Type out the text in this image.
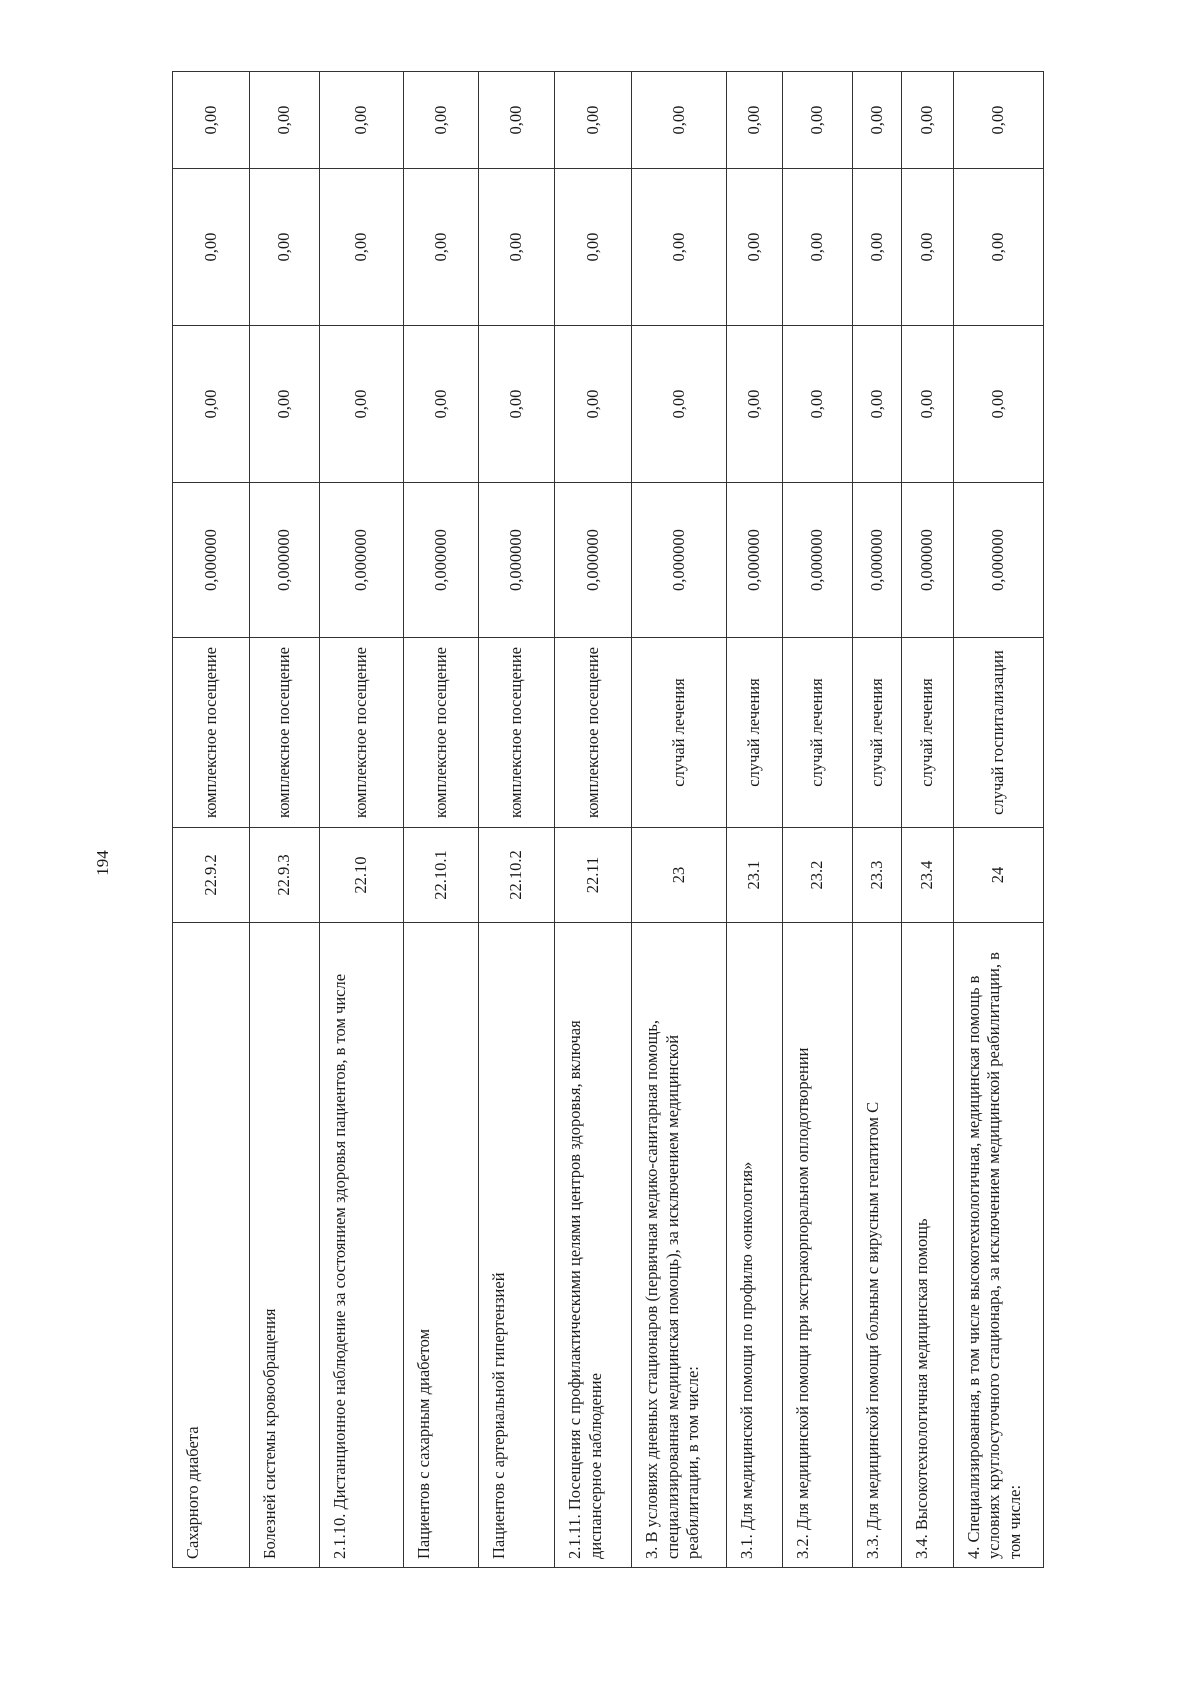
194
Сахарного диабета	22.9.2	комплексное посещение	0,000000	0,00	0,00	0,00
Болезней системы кровообращения	22.9.3	комплексное посещение	0,000000	0,00	0,00	0,00
2.1.10. Дистанционное наблюдение за состоянием здоровья пациентов, в том числе	22.10	комплексное посещение	0,000000	0,00	0,00	0,00
Пациентов с сахарным диабетом	22.10.1	комплексное посещение	0,000000	0,00	0,00	0,00
Пациентов с артериальной гипертензией	22.10.2	комплексное посещение	0,000000	0,00	0,00	0,00
2.1.11. Посещения с профилактическими целями центров здоровья, включая диспансерное наблюдение	22.11	комплексное посещение	0,000000	0,00	0,00	0,00
3. В условиях дневных стационаров (первичная медико-санитарная помощь, специализированная медицинская помощь), за исключением медицинской реабилитации, в том числе:	23	случай лечения	0,000000	0,00	0,00	0,00
3.1. Для медицинской помощи по профилю «онкология»	23.1	случай лечения	0,000000	0,00	0,00	0,00
3.2. Для медицинской помощи при экстракорпоральном оплодотворении	23.2	случай лечения	0,000000	0,00	0,00	0,00
3.3. Для медицинской помощи больным с вирусным гепатитом С	23.3	случай лечения	0,000000	0,00	0,00	0,00
3.4. Высокотехнологичная медицинская помощь	23.4	случай лечения	0,000000	0,00	0,00	0,00
4. Специализированная, в том числе высокотехнологичная, медицинская помощь в условиях круглосуточного стационара, за исключением медицинской реабилитации, в том числе:	24	случай госпитализации	0,000000	0,00	0,00	0,00
